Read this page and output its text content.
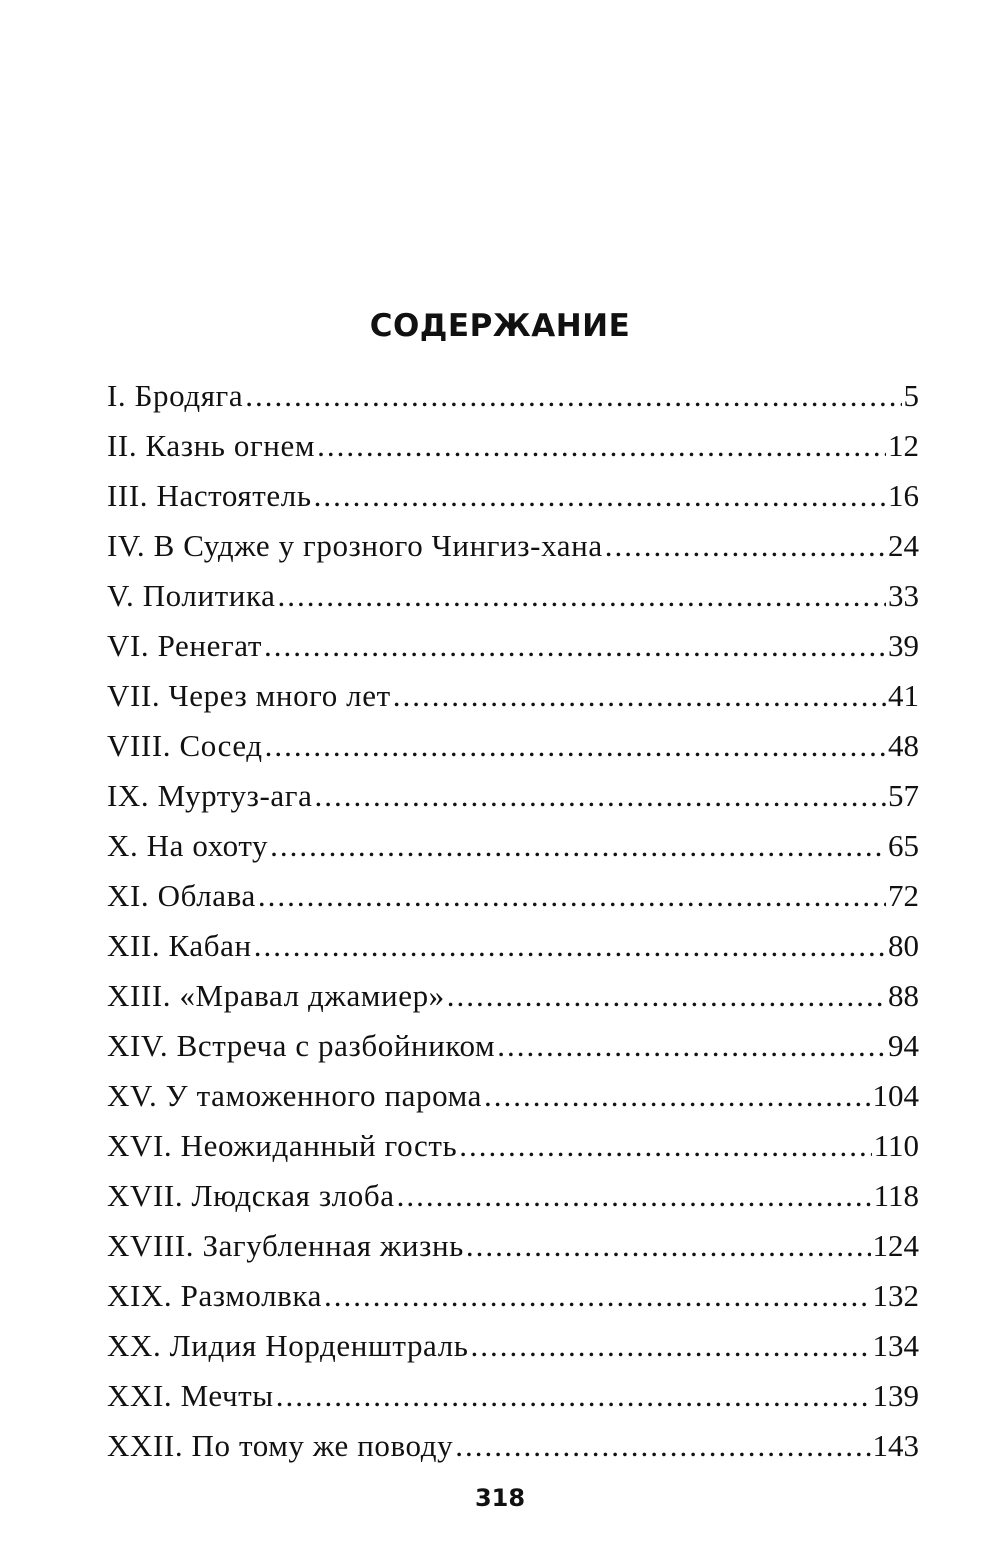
СОДЕРЖАНИЕ
I. Бродяга .....	5
II. Казнь огнем .....	12
III. Настоятель .....	16
IV. В Судже у грозного Чингиз-хана .....	24
V. Политика .....	33
VI. Ренегат .....	39
VII. Через много лет .....	41
VIII. Сосед .....	48
IX. Муртуз-ага .....	57
X. На охоту .....	65
XI. Облава .....	72
XII. Кабан .....	80
XIII. «Мравал джамиер» .....	88
XIV. Встреча с разбойником .....	94
XV. У таможенного парома .....	104
XVI. Неожиданный гость .....	110
XVII. Людская злоба .....	118
XVIII. Загубленная жизнь .....	124
XIX. Размолвка .....	132
XX. Лидия Норденштраль .....	134
XXI. Мечты .....	139
XXII. По тому же поводу .....	143
318
